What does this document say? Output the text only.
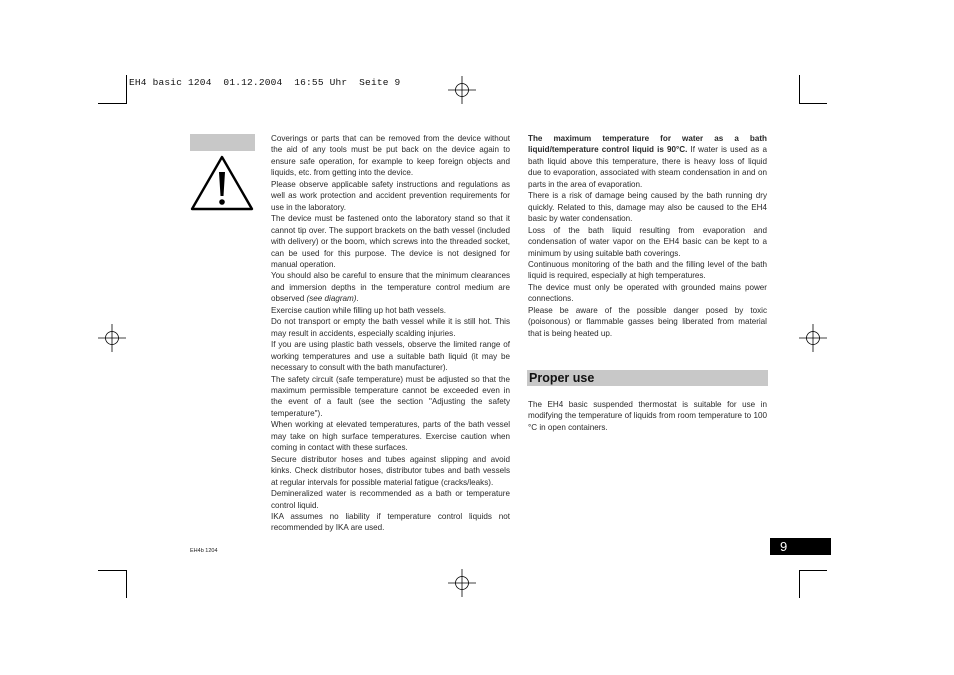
EH4 basic 1204  01.12.2004  16:55 Uhr  Seite 9

Coverings or parts that can be removed from the device without the aid of any tools must be put back on the device again to ensure safe operation, for example to keep foreign objects and liquids, etc. from getting into the device.

Please observe applicable safety instructions and regulations as well as work protection and accident prevention requirements for use in the laboratory.

The device must be fastened onto the laboratory stand so that it cannot tip over. The support brackets on the bath vessel (included with delivery) or the boom, which screws into the threaded socket, can be used for this purpose. The device is not designed for manual operation.

You should also be careful to ensure that the minimum clearances and immersion depths in the temperature control medium are observed (see diagram).

Exercise caution while filling up hot bath vessels.

Do not transport or empty the bath vessel while it is still hot. This may result in accidents, especially scalding injuries.

If you are using plastic bath vessels, observe the limited range of working temperatures and use a suitable bath liquid (it may be necessary to consult with the bath manufacturer).

The safety circuit (safe temperature) must be adjusted so that the maximum permissible temperature cannot be exceeded even in the event of a fault (see the section "Adjusting the safety temperature").

When working at elevated temperatures, parts of the bath vessel may take on high surface temperatures. Exercise caution when coming in contact with these surfaces.

Secure distributor hoses and tubes against slipping and avoid kinks. Check distributor hoses, distributor tubes and bath vessels at regular intervals for possible material fatigue (cracks/leaks).

Demineralized water is recommended as a bath or temperature control liquid.

IKA assumes no liability if temperature control liquids not recommended by IKA are used.

The maximum temperature for water as a bath liquid/temperature control liquid is 90°C. If water is used as a bath liquid above this temperature, there is heavy loss of liquid due to evaporation, associated with steam condensation in and on parts in the area of evaporation.

There is a risk of damage being caused by the bath running dry quickly. Related to this, damage may also be caused to the EH4 basic by water condensation.

Loss of the bath liquid resulting from evaporation and condensation of water vapor on the EH4 basic can be kept to a minimum by using suitable bath coverings.

Continuous monitoring of the bath and the filling level of the bath liquid is required, especially at high temperatures.

The device must only be operated with grounded mains power connections.

Please be aware of the possible danger posed by toxic (poisonous) or flammable gasses being liberated from material that is being heated up.

Proper use

The EH4 basic suspended thermostat is suitable for use in modifying the temperature of liquids from room temperature to 100 °C in open containers.

9
EH4b 1204
